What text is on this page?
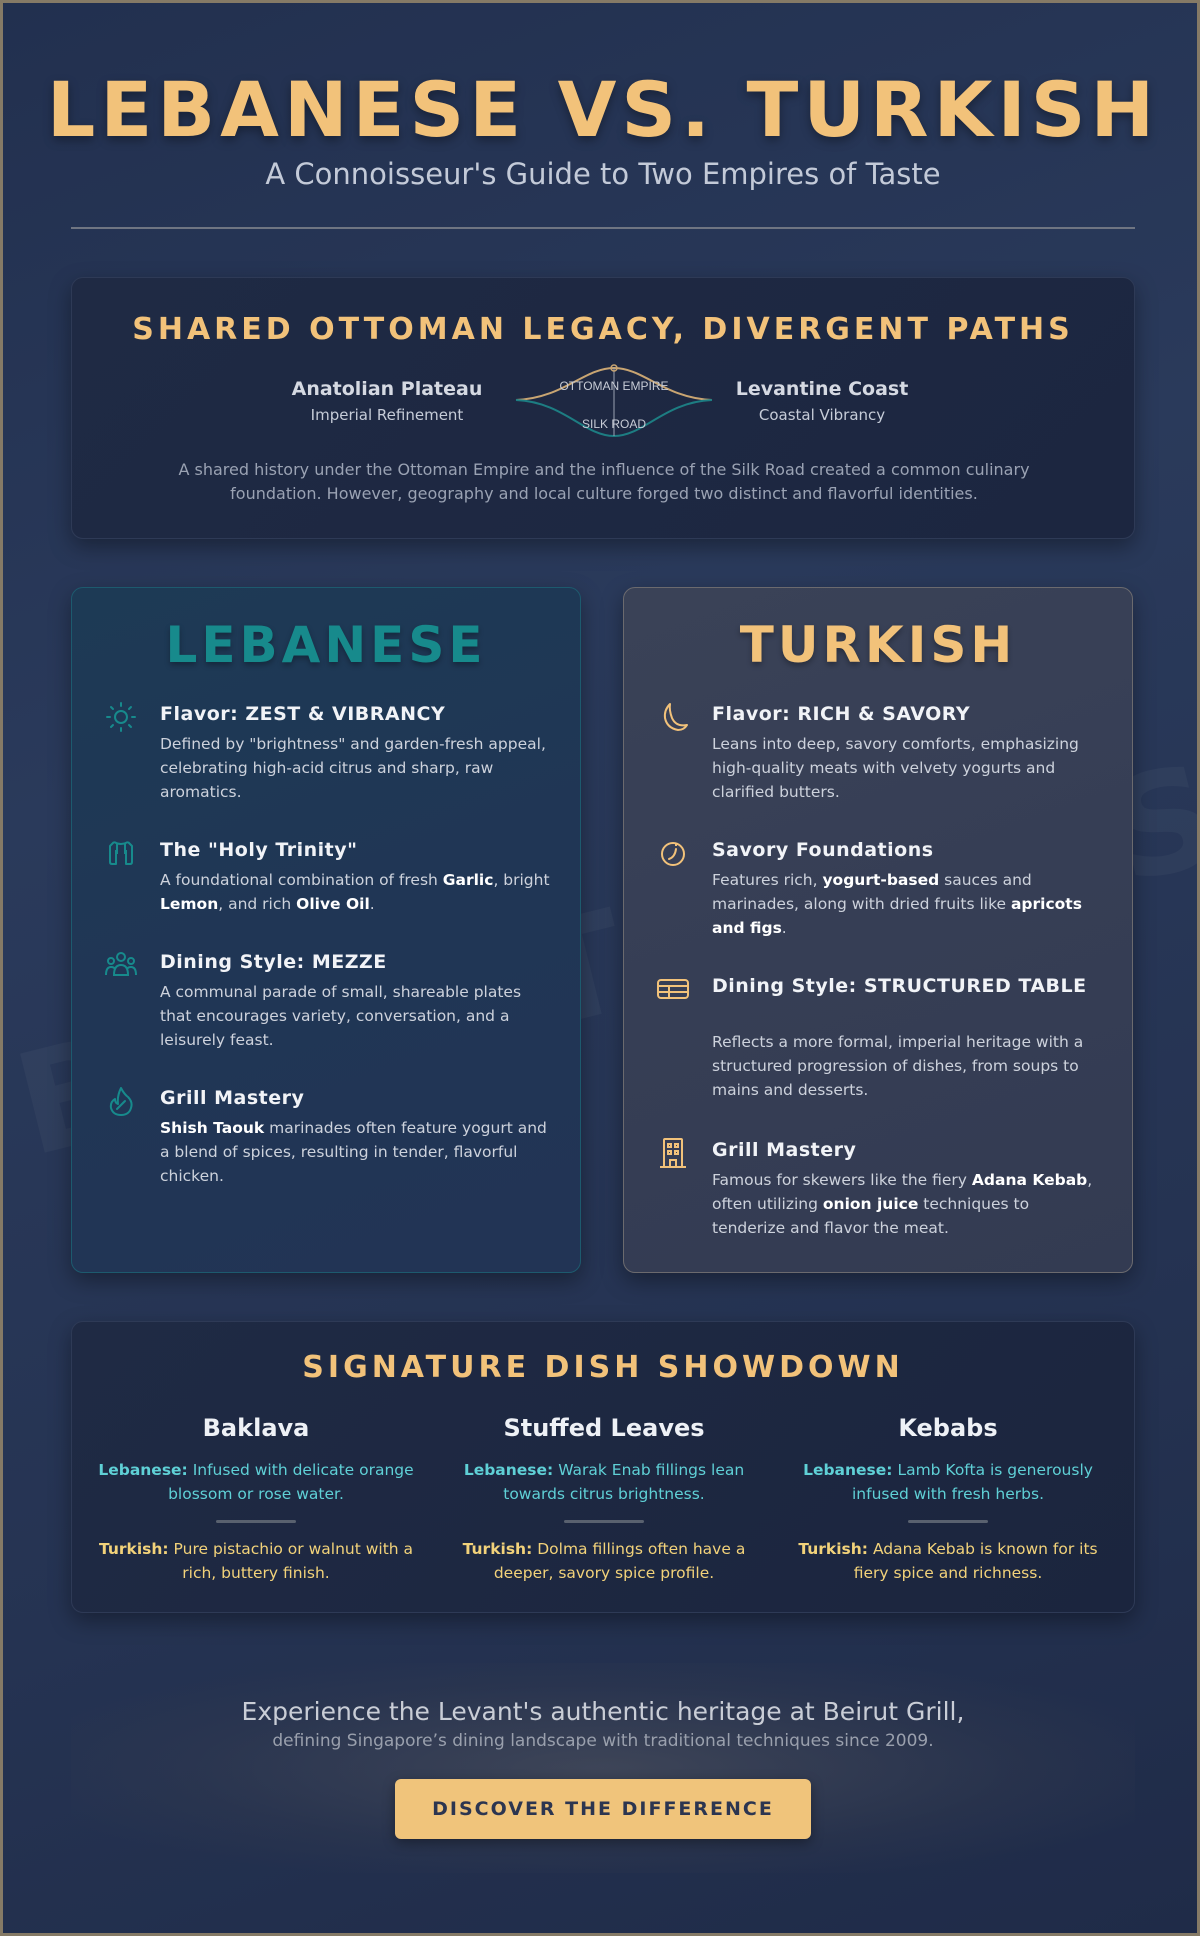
LEBANESE VS. TURKISH
A Connoisseur's Guide to Two Empires of Taste
SHARED OTTOMAN LEGACY, DIVERGENT PATHS
Anatolian Plateau
Imperial Refinement
OTTOMAN EMPIRE
SILK ROAD
Levantine Coast
Coastal Vibrancy

A shared history under the Ottoman Empire and the influence of the Silk Road created a common culinary foundation. However, geography and local culture forged two distinct and flavorful identities.

LEBANESE
Flavor: ZEST & VIBRANCY
Defined by "brightness" and garden-fresh appeal, celebrating high-acid citrus and sharp, raw aromatics.
The "Holy Trinity"
A foundational combination of fresh Garlic, bright Lemon, and rich Olive Oil.
Dining Style: MEZZE
A communal parade of small, shareable plates that encourages variety, conversation, and a leisurely feast.
Grill Mastery
Shish Taouk marinades often feature yogurt and a blend of spices, resulting in tender, flavorful chicken.
TURKISH
Flavor: RICH & SAVORY
Leans into deep, savory comforts, emphasizing high-quality meats with velvety yogurts and clarified butters.
Savory Foundations
Features rich, yogurt-based sauces and marinades, along with dried fruits like apricots and figs.
Dining Style: STRUCTURED TABLE
Reflects a more formal, imperial heritage with a structured progression of dishes, from soups to mains and desserts.
Grill Mastery
Famous for skewers like the fiery Adana Kebab, often utilizing onion juice techniques to tenderize and flavor the meat.
SIGNATURE DISH SHOWDOWN
Baklava
Lebanese: Infused with delicate orange blossom or rose water.
Turkish: Pure pistachio or walnut with a rich, buttery finish.
Stuffed Leaves
Lebanese: Warak Enab fillings lean towards citrus brightness.
Turkish: Dolma fillings often have a deeper, savory spice profile.
Kebabs
Lebanese: Lamb Kofta is generously infused with fresh herbs.
Turkish: Adana Kebab is known for its fiery spice and richness.
Experience the Levant's authentic heritage at Beirut Grill,
defining Singapore’s dining landscape with traditional techniques since 2009.
DISCOVER THE DIFFERENCE
